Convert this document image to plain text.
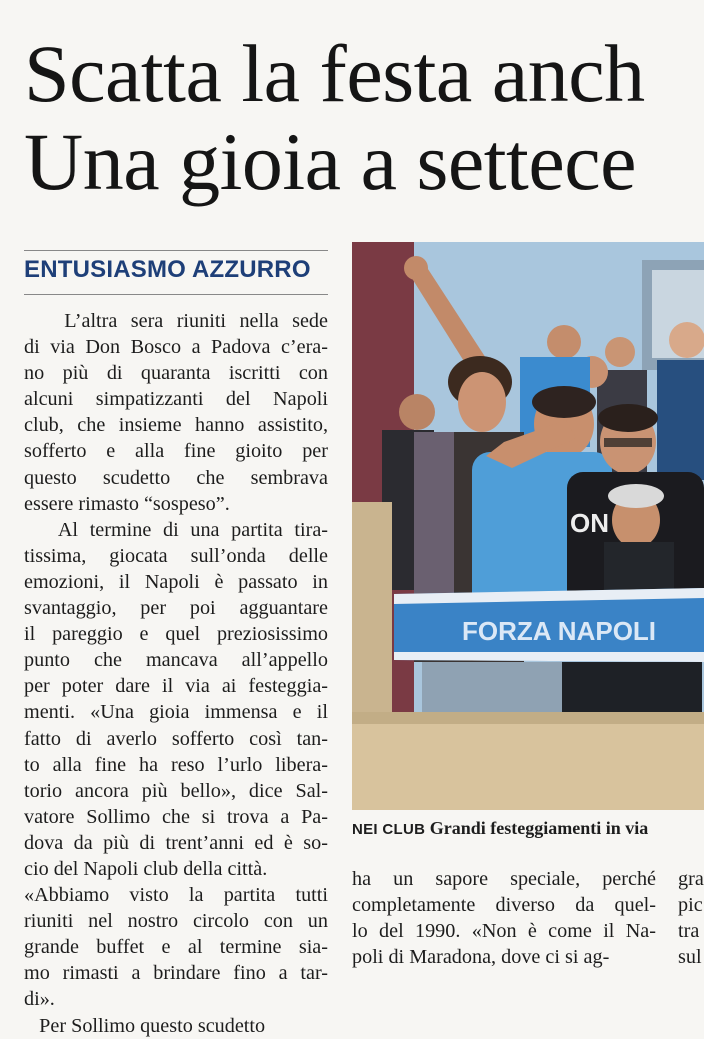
Scatta la festa anch
Una gioia a settece
ENTUSIASMO AZZURRO
L’altra sera riuniti nella sede
di via Don Bosco a Padova c’era-
no più di quaranta iscritti con
alcuni simpatizzanti del Napoli
club, che insieme hanno assistito,
sofferto e alla fine gioito per
questo scudetto che sembrava
essere rimasto “sospeso”.
Al termine di una partita tira-
tissima, giocata sull’onda delle
emozioni, il Napoli è passato in
svantaggio, per poi agguantare
il pareggio e quel preziosissimo
punto che mancava all’appello
per poter dare il via ai festeggia-
menti. «Una gioia immensa e il
fatto di averlo sofferto così tan-
to alla fine ha reso l’urlo libera-
torio ancora più bello», dice Sal-
vatore Sollimo che si trova a Pa-
dova da più di trent’anni ed è so-
cio del Napoli club della città.
«Abbiamo visto la partita tutti
riuniti nel nostro circolo con un
grande buffet e al termine sia-
mo rimasti a brindare fino a tar-
di».
Per Sollimo questo scudetto
ON
FORZA NAPOLI
NEI CLUB Grandi festeggiamenti in via
ha un sapore speciale, perché
completamente diverso da quel-
lo del 1990. «Non è come il Na-
poli di Maradona, dove ci si ag-
gra
pic
tra
sul
